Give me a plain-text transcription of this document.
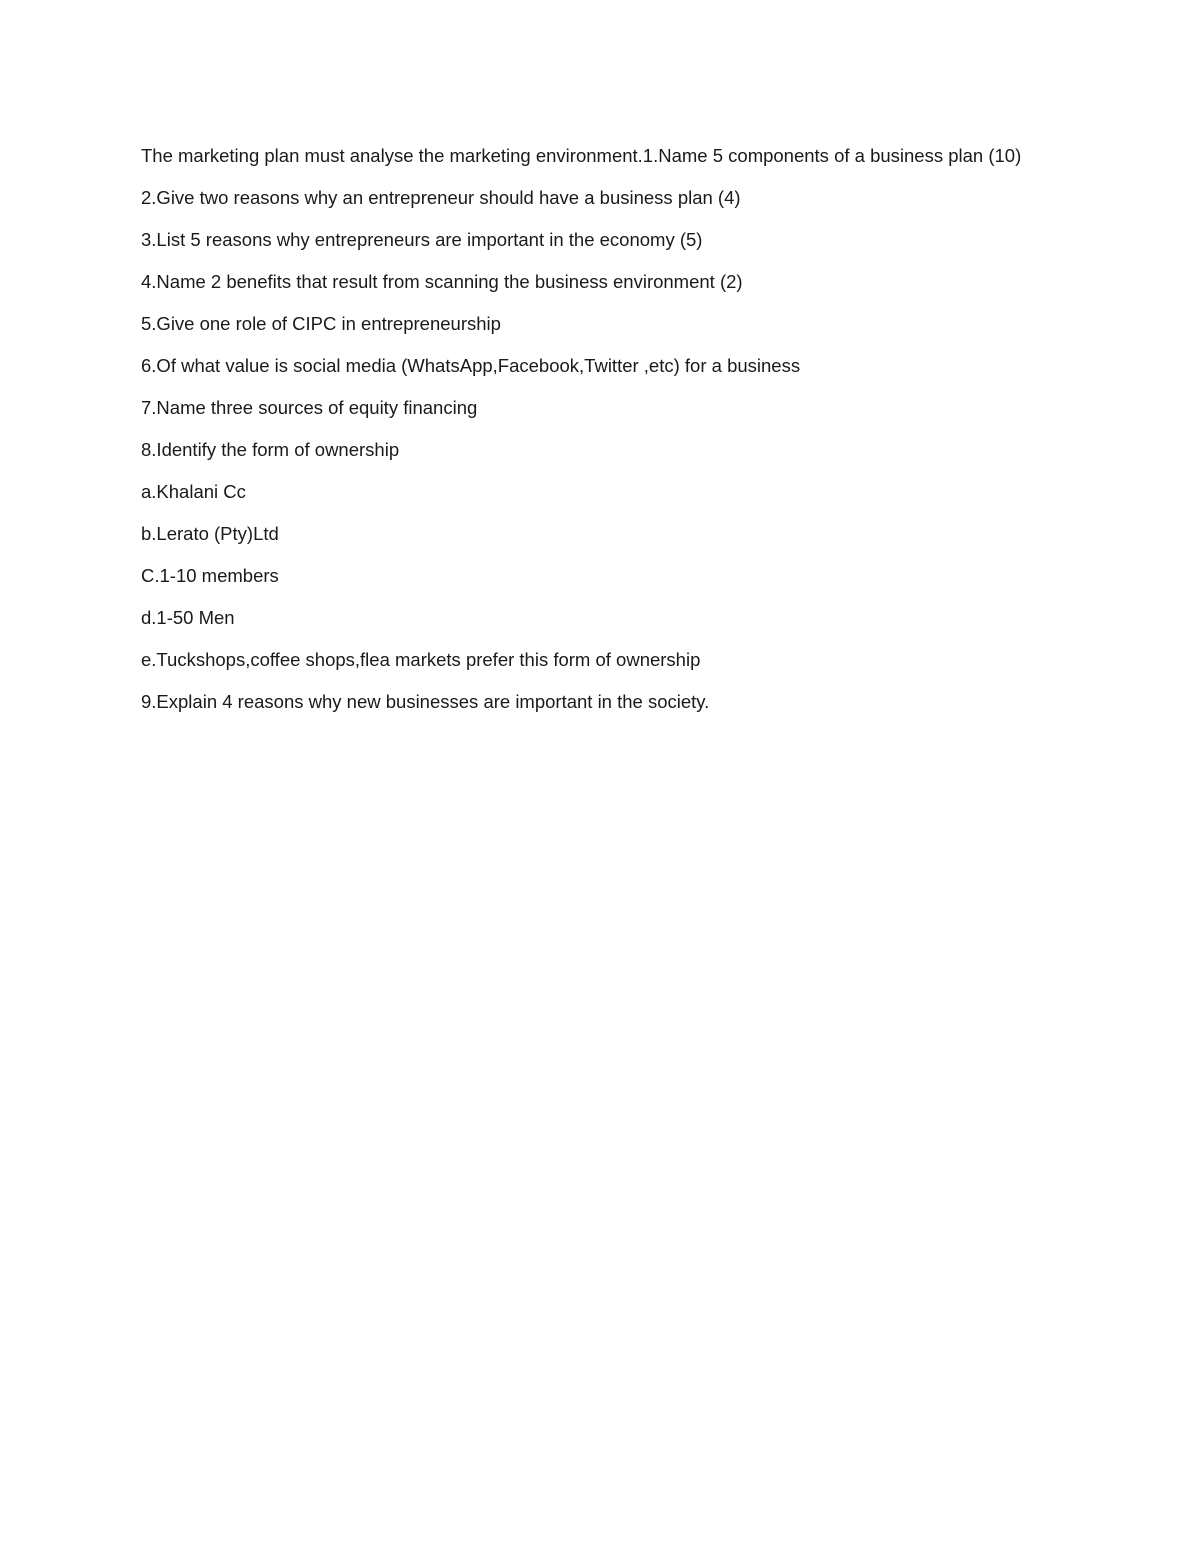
The marketing plan must analyse the marketing environment.1.Name 5 components of a business plan (10)

2.Give two reasons why an entrepreneur should have a business plan (4)

3.List 5 reasons why entrepreneurs are important in the economy (5)

4.Name 2 benefits that result from scanning the business environment (2)

5.Give one role of CIPC in entrepreneurship

6.Of what value is social media (WhatsApp,Facebook,Twitter ,etc) for a business

7.Name three sources of equity financing

8.Identify the form of ownership

a.Khalani Cc

b.Lerato (Pty)Ltd

C.1-10 members

d.1-50 Men

e.Tuckshops,coffee shops,flea markets prefer this form of ownership

9.Explain 4 reasons why new businesses are important in the society.
